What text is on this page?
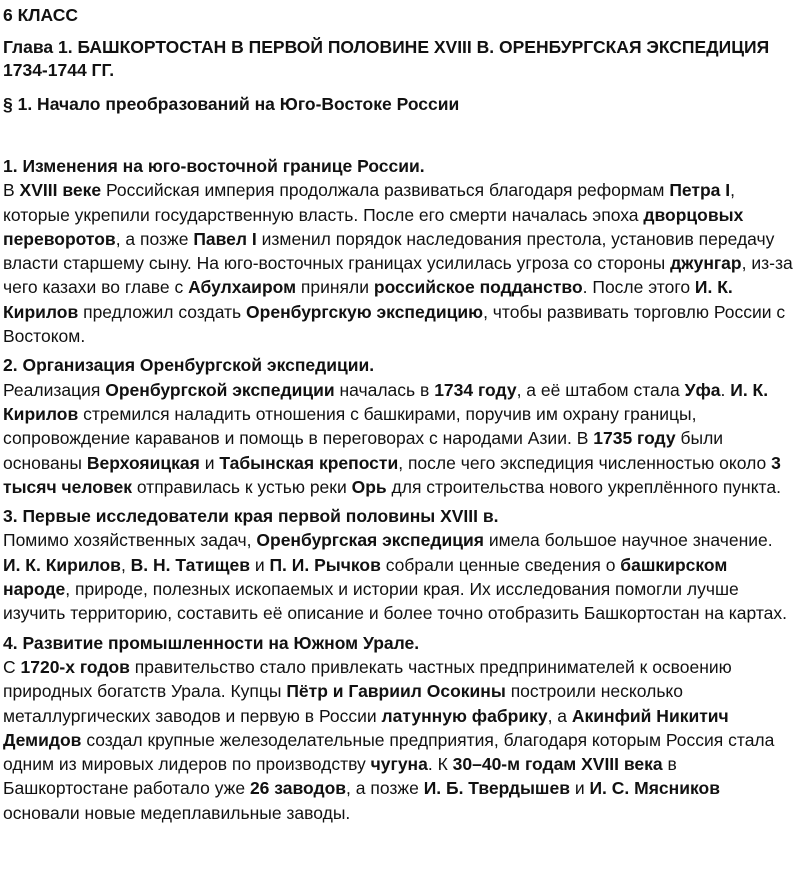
6 КЛАСС
Глава 1. БАШКОРТОСТАН В ПЕРВОЙ ПОЛОВИНЕ XVIII В. ОРЕНБУРГСКАЯ ЭКСПЕДИЦИЯ 1734-1744 ГГ.
§ 1. Начало преобразований на Юго-Востоке России
1. Изменения на юго-восточной границе России.
В XVIII веке Российская империя продолжала развиваться благодаря реформам Петра I, которые укрепили государственную власть. После его смерти началась эпоха дворцовых переворотов, а позже Павел I изменил порядок наследования престола, установив передачу власти старшему сыну. На юго-восточных границах усилилась угроза со стороны джунгар, из-за чего казахи во главе с Абулхаиром приняли российское подданство. После этого И. К. Кирилов предложил создать Оренбургскую экспедицию, чтобы развивать торговлю России с Востоком.
2. Организация Оренбургской экспедиции.
Реализация Оренбургской экспедиции началась в 1734 году, а её штабом стала Уфа. И. К. Кирилов стремился наладить отношения с башкирами, поручив им охрану границы, сопровождение караванов и помощь в переговорах с народами Азии. В 1735 году были основаны Верхояицкая и Табынская крепости, после чего экспедиция численностью около 3 тысяч человек отправилась к устью реки Орь для строительства нового укреплённого пункта.
3. Первые исследователи края первой половины XVIII в.
Помимо хозяйственных задач, Оренбургская экспедиция имела большое научное значение. И. К. Кирилов, В. Н. Татищев и П. И. Рычков собрали ценные сведения о башкирском народе, природе, полезных ископаемых и истории края. Их исследования помогли лучше изучить территорию, составить её описание и более точно отобразить Башкортостан на картах.
4. Развитие промышленности на Южном Урале.
С 1720-х годов правительство стало привлекать частных предпринимателей к освоению природных богатств Урала. Купцы Пётр и Гавриил Осокины построили несколько металлургических заводов и первую в России латунную фабрику, а Акинфий Никитич Демидов создал крупные железоделательные предприятия, благодаря которым Россия стала одним из мировых лидеров по производству чугуна. К 30–40-м годам XVIII века в Башкортостане работало уже 26 заводов, а позже И. Б. Твердышев и И. С. Мясников основали новые медеплавильные заводы.
